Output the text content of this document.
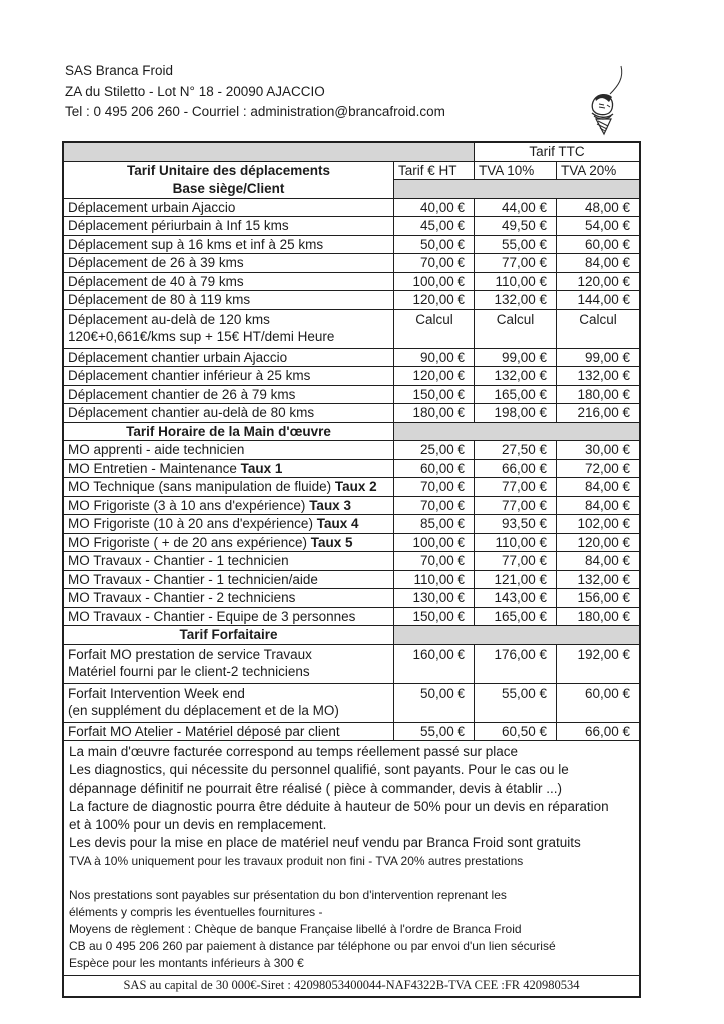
SAS Branca Froid
ZA du Stiletto - Lot N° 18 - 20090 AJACCIO
Tel : 0 495 206 260 - Courriel : administration@brancafroid.com
Tarif TTC
Tarif Unitaire des déplacements
Base siège/Client
Tarif € HT	TVA 10%	TVA 20%
Déplacement urbain Ajaccio	40,00 €	44,00 €	48,00 €
Déplacement périurbain à Inf 15 kms	45,00 €	49,50 €	54,00 €
Déplacement sup à 16 kms et inf à 25 kms	50,00 €	55,00 €	60,00 €
Déplacement de 26 à 39 kms	70,00 €	77,00 €	84,00 €
Déplacement de 40 à 79 kms	100,00 €	110,00 €	120,00 €
Déplacement de 80 à 119 kms	120,00 €	132,00 €	144,00 €
Déplacement au-delà de 120 kms
120€+0,661€/kms sup + 15€ HT/demi Heure
Calcul	Calcul	Calcul
Déplacement chantier urbain Ajaccio	90,00 €	99,00 €	99,00 €
Déplacement chantier inférieur à 25 kms	120,00 €	132,00 €	132,00 €
Déplacement chantier de 26 à 79 kms	150,00 €	165,00 €	180,00 €
Déplacement chantier au-delà de 80 kms	180,00 €	198,00 €	216,00 €
Tarif Horaire de la Main d'œuvre
MO apprenti - aide technicien	25,00 €	27,50 €	30,00 €
MO Entretien - Maintenance Taux 1	60,00 €	66,00 €	72,00 €
MO Technique (sans manipulation de fluide) Taux 2	70,00 €	77,00 €	84,00 €
MO Frigoriste (3 à 10 ans d'expérience) Taux 3	70,00 €	77,00 €	84,00 €
MO Frigoriste (10 à 20 ans d'expérience) Taux 4	85,00 €	93,50 €	102,00 €
MO Frigoriste ( + de 20 ans expérience) Taux 5	100,00 €	110,00 €	120,00 €
MO Travaux - Chantier - 1 technicien	70,00 €	77,00 €	84,00 €
MO Travaux - Chantier - 1 technicien/aide	110,00 €	121,00 €	132,00 €
MO Travaux - Chantier - 2 techniciens	130,00 €	143,00 €	156,00 €
MO Travaux - Chantier - Equipe de 3 personnes	150,00 €	165,00 €	180,00 €
Tarif Forfaitaire
Forfait MO prestation de service Travaux
Matériel fourni par le client-2 techniciens
160,00 €	176,00 €	192,00 €
Forfait Intervention Week end
(en supplément du déplacement et de la MO)
50,00 €	55,00 €	60,00 €
Forfait MO Atelier - Matériel déposé par client	55,00 €	60,50 €	66,00 €
La main d'œuvre facturée correspond au temps réellement passé sur place
Les diagnostics, qui nécessite du personnel qualifié, sont payants. Pour le cas ou le
dépannage définitif ne pourrait être réalisé ( pièce à commander, devis à établir ...)
La facture de diagnostic pourra être déduite à hauteur de 50% pour un devis en réparation
et à 100% pour un devis en remplacement.
Les devis pour la mise en place de matériel neuf vendu par Branca Froid sont gratuits
TVA à 10% uniquement pour les travaux produit non fini - TVA 20% autres prestations
Nos prestations sont payables sur présentation du bon d'intervention reprenant les
éléments y compris les éventuelles fournitures -
Moyens de règlement : Chèque de banque Française libellé à l'ordre de Branca Froid
CB au 0 495 206 260 par paiement à distance par téléphone ou par envoi d'un lien sécurisé
Espèce pour les montants inférieurs à 300 €
SAS au capital de 30 000€-Siret : 42098053400044-NAF4322B-TVA CEE :FR 420980534
